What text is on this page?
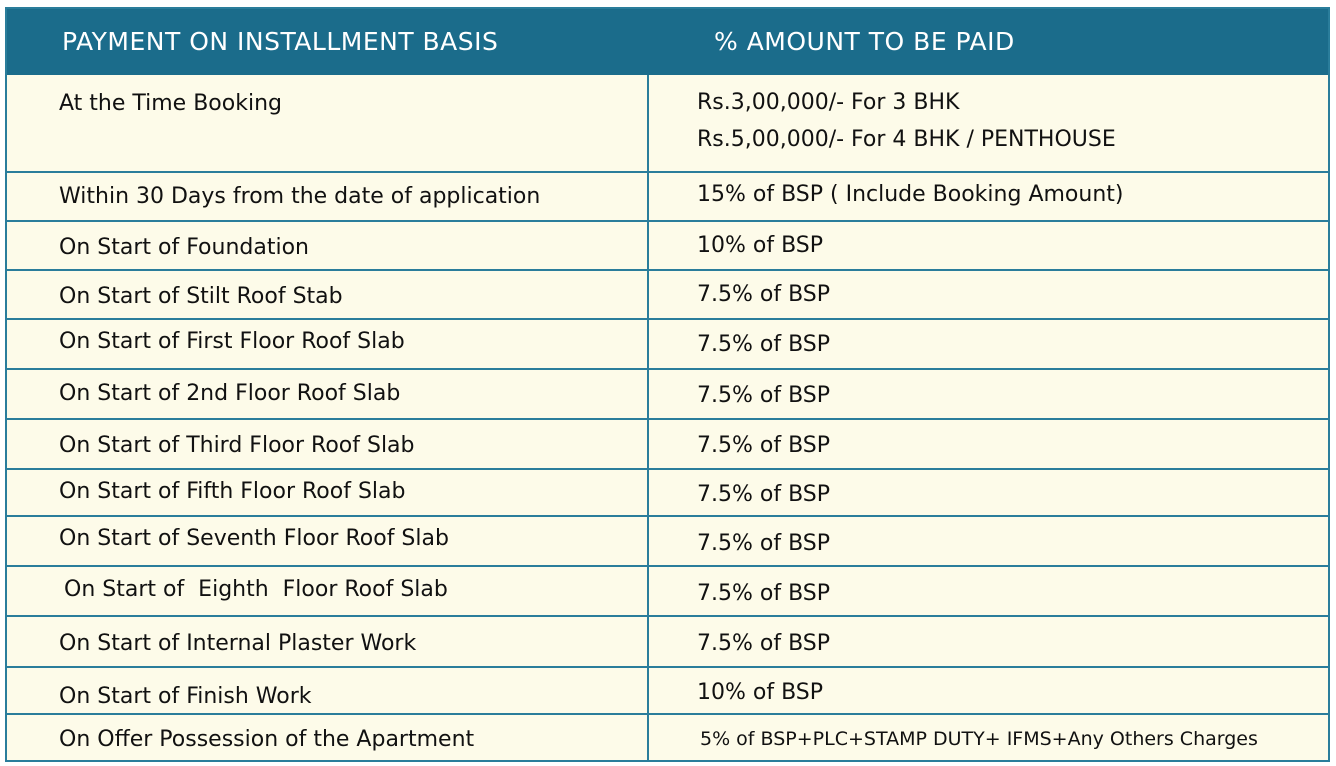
PAYMENT ON INSTALLMENT BASIS	% AMOUNT TO BE PAID
At the Time Booking	Rs.3,00,000/- For 3 BHK
Rs.5,00,000/- For 4 BHK / PENTHOUSE
Within 30 Days from the date of application	15% of BSP ( Include Booking Amount)
On Start of Foundation	10% of BSP
On Start of Stilt Roof Stab	7.5% of BSP
On Start of First Floor Roof Slab	7.5% of BSP
On Start of 2nd Floor Roof Slab	7.5% of BSP
On Start of Third Floor Roof Slab	7.5% of BSP
On Start of Fifth Floor Roof Slab	7.5% of BSP
On Start of Seventh Floor Roof Slab	7.5% of BSP
On Start of  Eighth  Floor Roof Slab	7.5% of BSP
On Start of Internal Plaster Work	7.5% of BSP
On Start of Finish Work	10% of BSP
On Offer Possession of the Apartment	5% of BSP+PLC+STAMP DUTY+ IFMS+Any Others Charges
